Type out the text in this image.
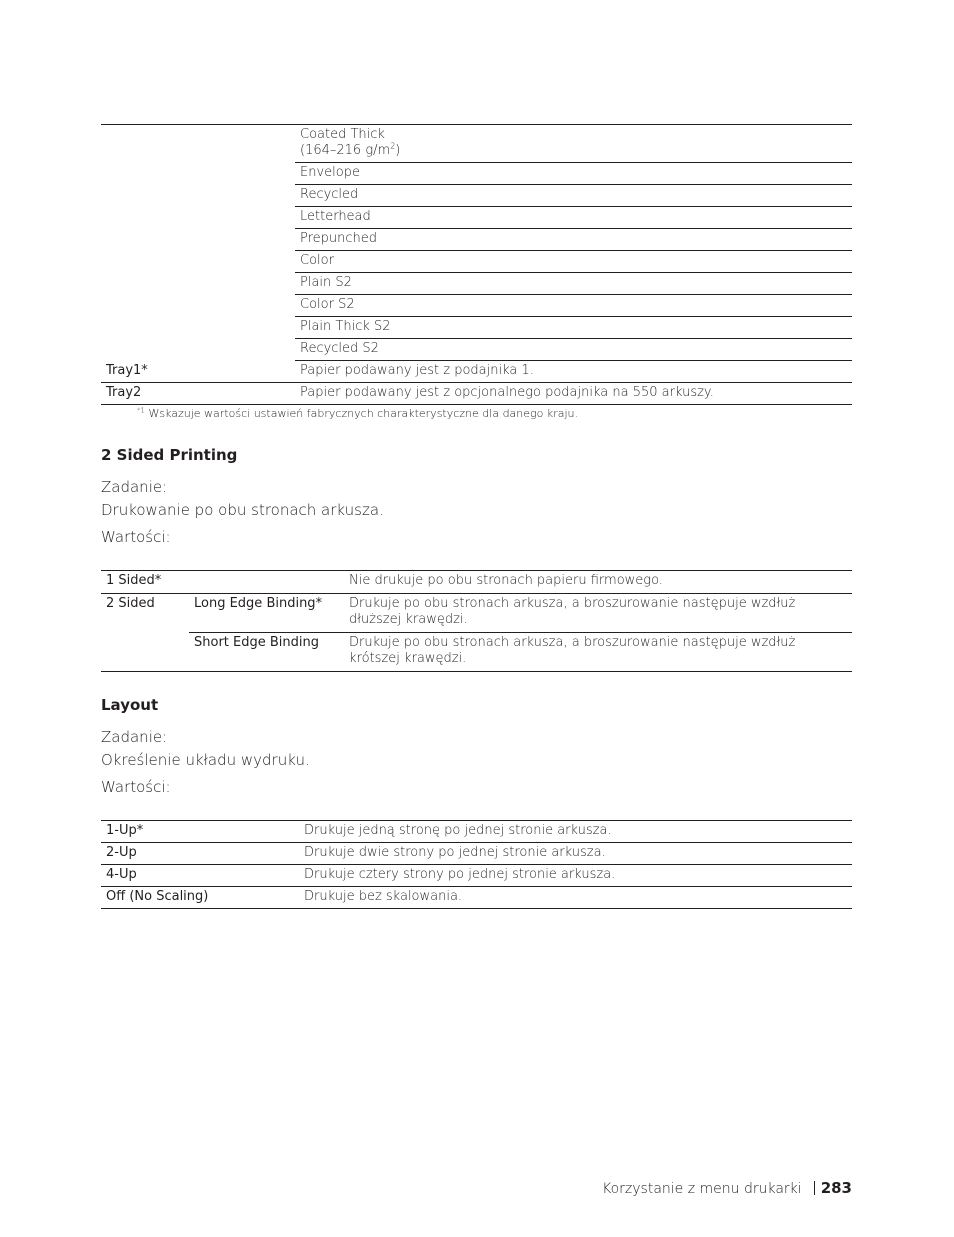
	Coated Thick
(164–216 $g/m^2$)
	Envelope
	Recycled
	Letterhead
	Prepunched
	Color
	Plain S2
	Color S2
	Plain Thick S2
	Recycled S2
Tray1*	Papier podawany jest z podajnika 1.
Tray2	Papier podawany jest z opcjonalnego podajnika na 550 arkuszy.
$^{*1}$ Wskazuje wartości ustawień fabrycznych charakterystyczne dla danego kraju.
2 Sided Printing
Zadanie:
Drukowanie po obu stronach arkusza.
Wartości:
1 Sided*		Nie drukuje po obu stronach papieru firmowego.
2 Sided	Long Edge Binding*	Drukuje po obu stronach arkusza, a broszurowanie następuje wzdłuż dłuższej krawędzi.
	Short Edge Binding	Drukuje po obu stronach arkusza, a broszurowanie następuje wzdłuż krótszej krawędzi.
Layout
Zadanie:
Określenie układu wydruku.
Wartości:
1-Up*	Drukuje jedną stronę po jednej stronie arkusza.
2-Up	Drukuje dwie strony po jednej stronie arkusza.
4-Up	Drukuje cztery strony po jednej stronie arkusza.
Off (No Scaling)	Drukuje bez skalowania.
Korzystanie z menu drukarki 283
